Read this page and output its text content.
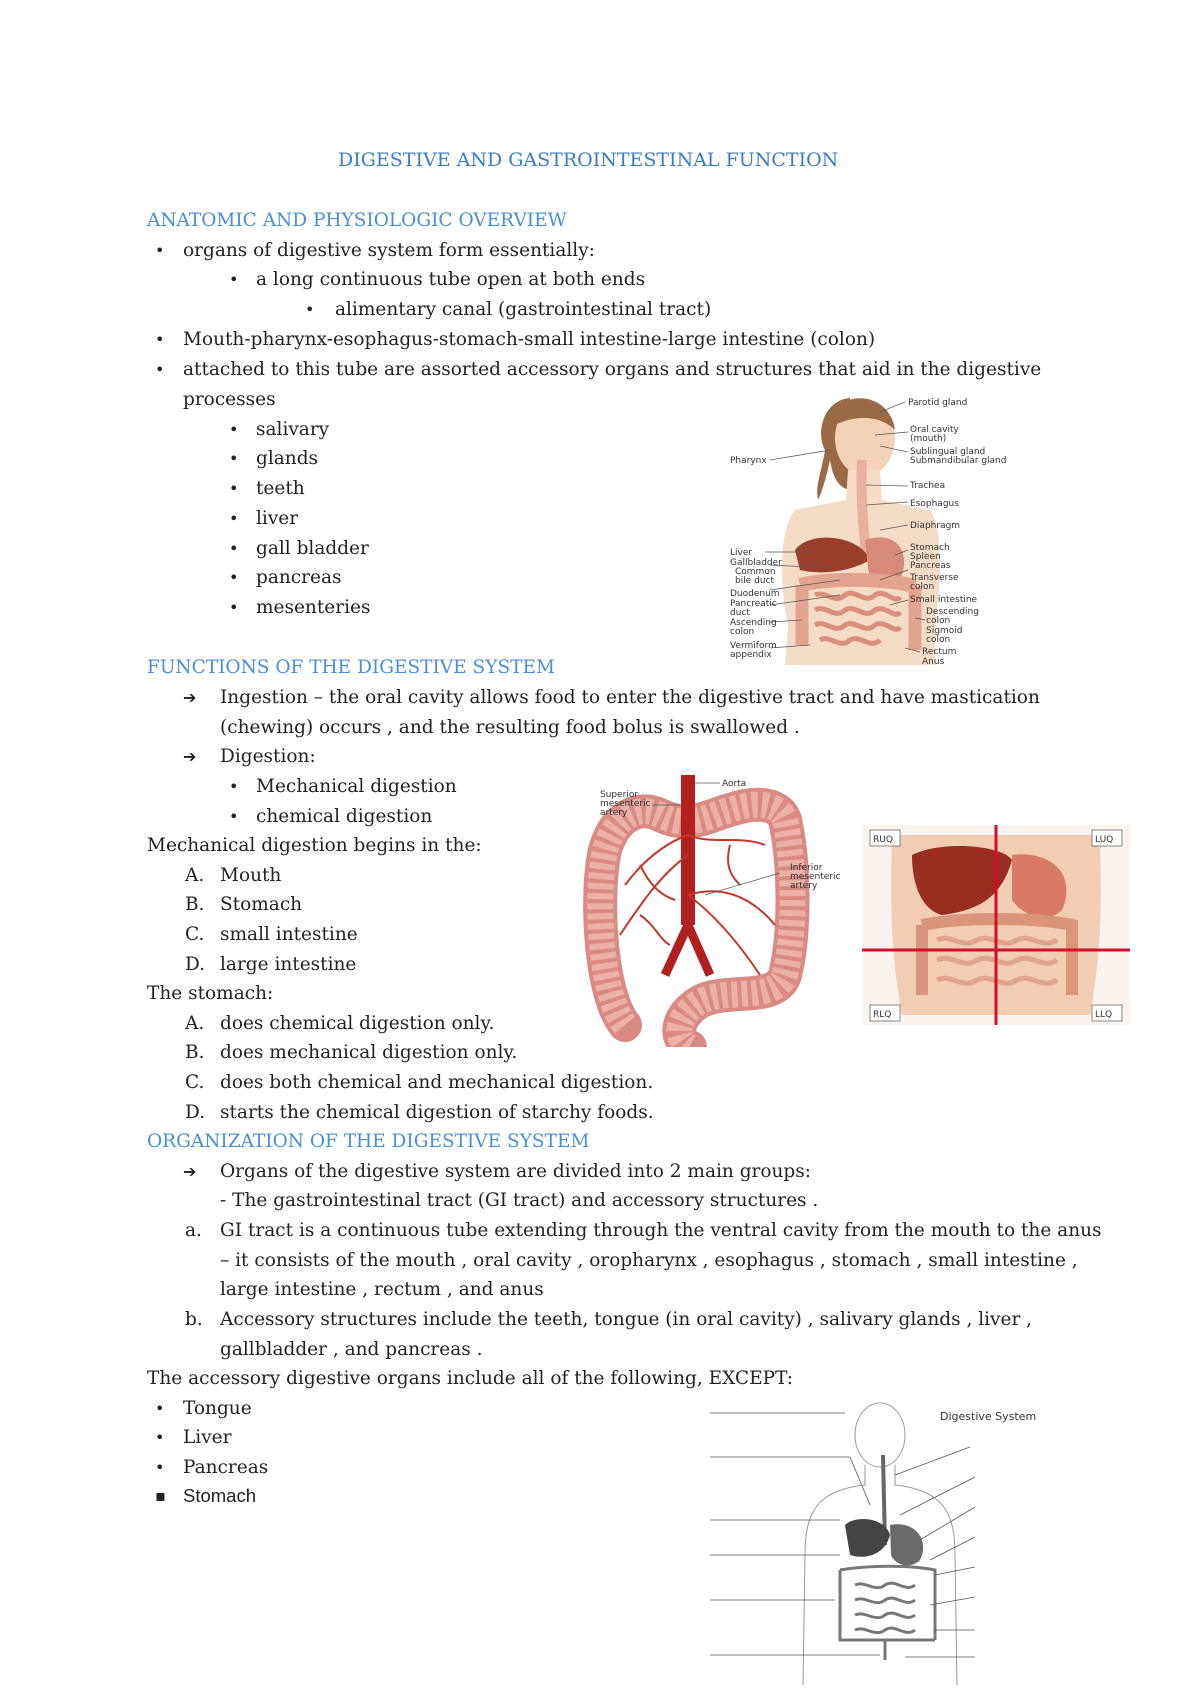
DIGESTIVE AND GASTROINTESTINAL FUNCTION
ANATOMIC AND PHYSIOLOGIC OVERVIEW
• organs of digestive system form essentially:
• a long continuous tube open at both ends
• alimentary canal (gastrointestinal tract)
• Mouth-pharynx-esophagus-stomach-small intestine-large intestine (colon)
• attached to this tube are assorted accessory organs and structures that aid in the digestive
processes
• salivary
• glands
• teeth
• liver
• gall bladder
• pancreas
• mesenteries
Parotid gland
Oral cavity
(mouth)
Sublingual gland
Submandibular gland
Trachea
Esophagus
Diaphragm
Stomach
Spleen
Pancreas
Transverse
colon
Small intestine
Descending
colon
Sigmoid
colon
Rectum
Anus
Pharynx
Liver
Gallbladder
Common
bile duct
Duodenum
Pancreatic
duct
Ascending
colon
Vermiform
appendix
FUNCTIONS OF THE DIGESTIVE SYSTEM
➔ Ingestion – the oral cavity allows food to enter the digestive tract and have mastication
(chewing) occurs , and the resulting food bolus is swallowed .
➔ Digestion:
• Mechanical digestion
• chemical digestion
Mechanical digestion begins in the:
A. Mouth
B. Stomach
C. small intestine
D. large intestine
The stomach:
A. does chemical digestion only.
B. does mechanical digestion only.
C. does both chemical and mechanical digestion.
D. starts the chemical digestion of starchy foods.
Superior
mesenteric
artery
Aorta
Inferior
mesenteric
artery
RUQ	LUQ
RLQ	LLQ
ORGANIZATION OF THE DIGESTIVE SYSTEM
➔ Organs of the digestive system are divided into 2 main groups:
- The gastrointestinal tract (GI tract) and accessory structures .
a. GI tract is a continuous tube extending through the ventral cavity from the mouth to the anus
– it consists of the mouth , oral cavity , oropharynx , esophagus , stomach , small intestine ,
large intestine , rectum , and anus
b. Accessory structures include the teeth, tongue (in oral cavity) , salivary glands , liver ,
gallbladder , and pancreas .
The accessory digestive organs include all of the following, EXCEPT:
• Tongue
• Liver
• Pancreas
▪ Stomach
Digestive System
